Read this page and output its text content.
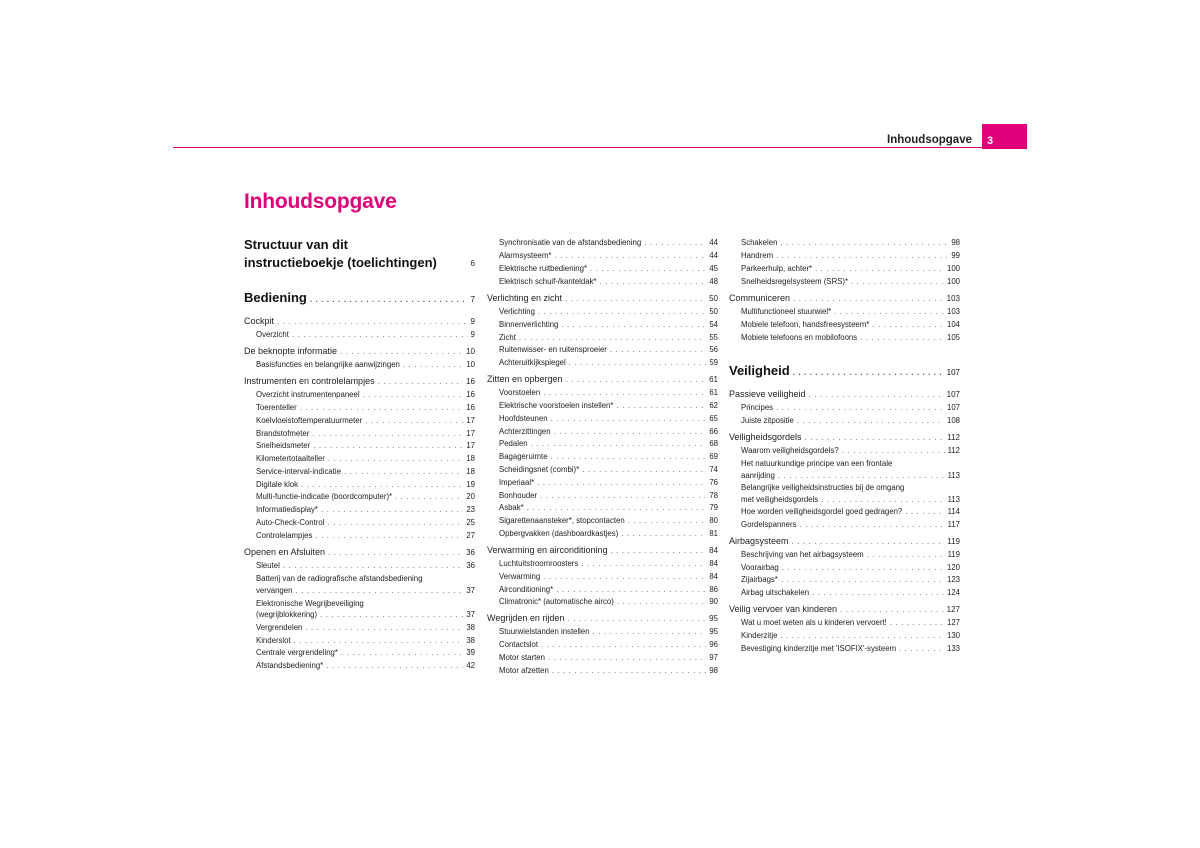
Inhoudsopgave	3
Inhoudsopgave
Structuur van dit
instructieboekje (toelichtingen)	6
Bediening . . .	7
Cockpit . . .	9
Overzicht . . .	9
De beknopte informatie . . .	10
Basisfuncties en belangrijke aanwijzingen . . .	10
Instrumenten en controlelampjes . . .	16
Overzicht instrumentenpaneel . . .	16
Toerenteller . . .	16
Koelvloeistoftemperatuurmeter . . .	17
Brandstofmeter . . .	17
Snelheidsmeter . . .	17
Kilometertotaalteller . . .	18
Service-interval-indicatie . . .	18
Digitale klok . . .	19
Multi-functie-indicatie (boordcomputer)* . . .	20
Informatiedisplay* . . .	23
Auto-Check-Control . . .	25
Controlelampjes . . .	27
Openen en Afsluiten . . .	36
Sleutel . . .	36
Batterij van de radiografische afstandsbediening
vervangen . . .	37
Elektronische Wegrijbeveiliging
(wegrijblokkering) . . .	37
Vergrendelen . . .	38
Kinderslot . . .	38
Centrale vergrendeling* . . .	39
Afstandsbediening* . . .	42
Synchronisatie van de afstandsbediening . . .	44
Alarmsysteem* . . .	44
Elektrische ruitbediening* . . .	45
Elektrisch schuif-/kanteldak* . . .	48
Verlichting en zicht . . .	50
Verlichting . . .	50
Binnenverlichting . . .	54
Zicht . . .	55
Ruitenwisser- en ruitensproeier . . .	56
Achteruitkijkspiegel . . .	59
Zitten en opbergen . . .	61
Voorstoelen . . .	61
Elektrische voorstoelen instellen* . . .	62
Hoofdsteunen . . .	65
Achterzittingen . . .	66
Pedalen . . .	68
Bagageruimte . . .	69
Scheidingsnet (combi)* . . .	74
Imperiaal* . . .	76
Bonhouder . . .	78
Asbak* . . .	79
Sigarettenaansteker*, stopcontacten . . .	80
Opbergvakken (dashboardkastjes) . . .	81
Verwarming en airconditioning . . .	84
Luchtuitstroomroosters . . .	84
Verwarming . . .	84
Airconditioning* . . .	86
Climatronic* (automatische airco) . . .	90
Wegrijden en rijden . . .	95
Stuurwielstanden instellen . . .	95
Contactslot . . .	96
Motor starten . . .	97
Motor afzetten . . .	98
Schakelen . . .	98
Handrem . . .	99
Parkeerhulp, achter* . . .	100
Snelheidsregelsysteem (SRS)* . . .	100
Communiceren . . .	103
Multifunctioneel stuurwiel* . . .	103
Mobiele telefoon, handsfreesysteem* . . .	104
Mobiele telefoons en mobilofoons . . .	105
Veiligheid . . .	107
Passieve veiligheid . . .	107
Principes . . .	107
Juiste zitpositie . . .	108
Veiligheidsgordels . . .	112
Waarom veiligheidsgordels? . . .	112
Het natuurkundige principe van een frontale
aanrijding . . .	113
Belangrijke veiligheidsinstructies bij de omgang
met veiligheidsgordels . . .	113
Hoe worden veiligheidsgordel goed gedragen? . . .	114
Gordelspanners . . .	117
Airbagsysteem . . .	119
Beschrijving van het airbagsysteem . . .	119
Voorairbag . . .	120
Zijairbags* . . .	123
Airbag uitschakelen . . .	124
Veilig vervoer van kinderen . . .	127
Wat u moet weten als u kinderen vervoert! . . .	127
Kinderzitje . . .	130
Bevestiging kinderzitje met 'ISOFIX'-systeem . . .	133
